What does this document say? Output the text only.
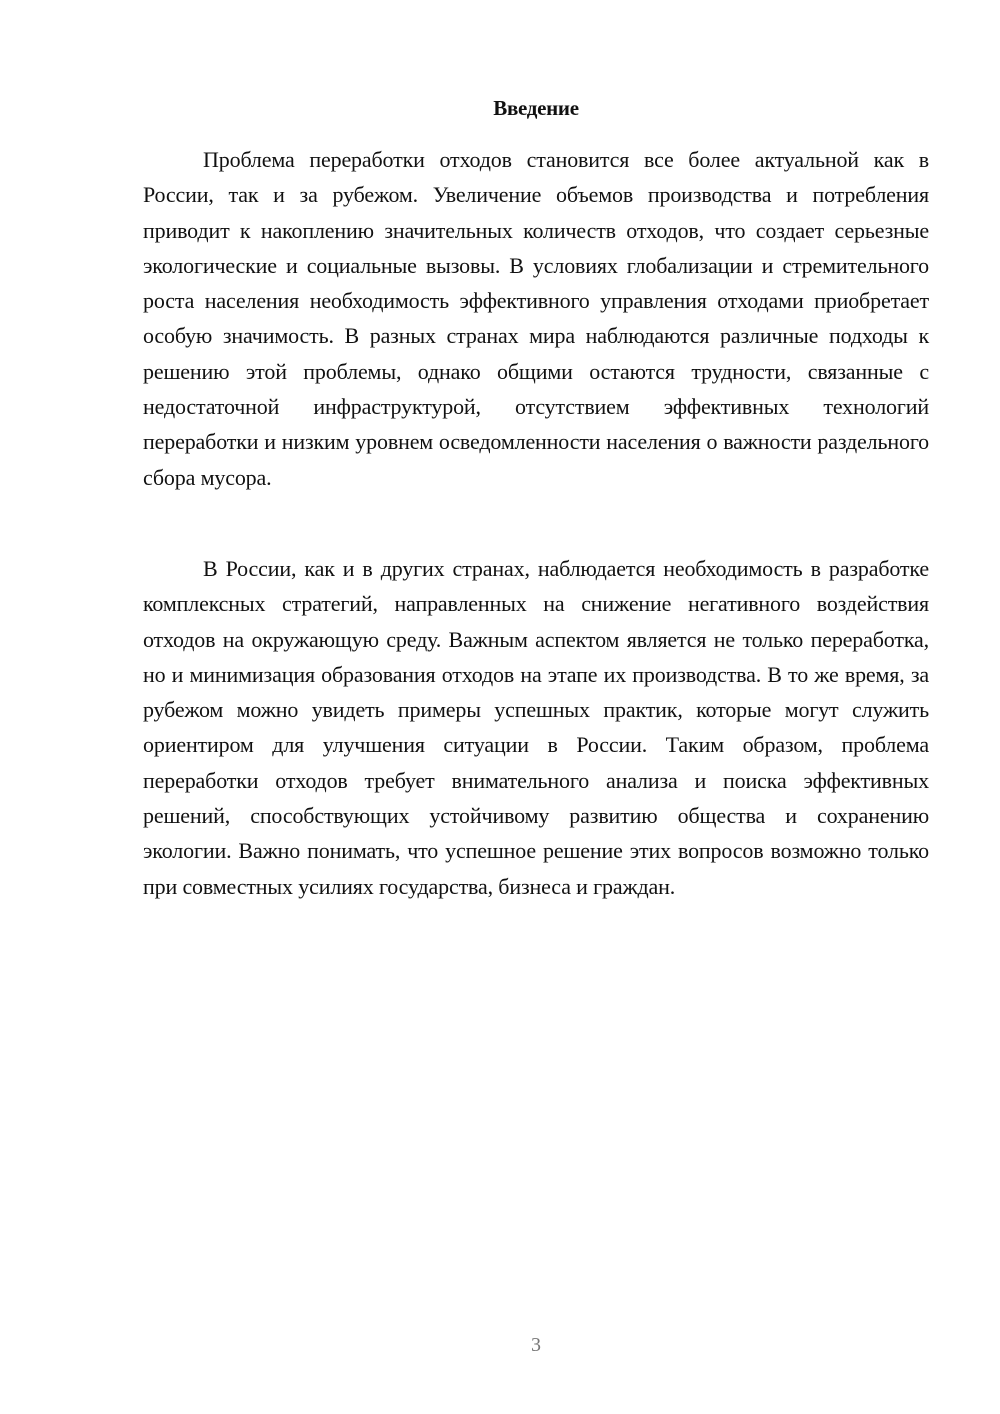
Введение

Проблема переработки отходов становится все более актуальной как в России, так и за рубежом. Увеличение объемов производства и потребления приводит к накоплению значительных количеств отходов, что создает серьезные экологические и социальные вызовы. В условиях глобализации и стремительного роста населения необходимость эффективного управления отходами приобретает особую значимость. В разных странах мира наблюдаются различные подходы к решению этой проблемы, однако общими остаются трудности, связанные с недостаточной инфраструктурой, отсутствием эффективных технологий переработки и низким уровнем осведомленности населения о важности раздельного сбора мусора.

В России, как и в других странах, наблюдается необходимость в разработке комплексных стратегий, направленных на снижение негативного воздействия отходов на окружающую среду. Важным аспектом является не только переработка, но и минимизация образования отходов на этапе их производства. В то же время, за рубежом можно увидеть примеры успешных практик, которые могут служить ориентиром для улучшения ситуации в России. Таким образом, проблема переработки отходов требует внимательного анализа и поиска эффективных решений, способствующих устойчивому развитию общества и сохранению экологии. Важно понимать, что успешное решение этих вопросов возможно только при совместных усилиях государства, бизнеса и граждан.

3
